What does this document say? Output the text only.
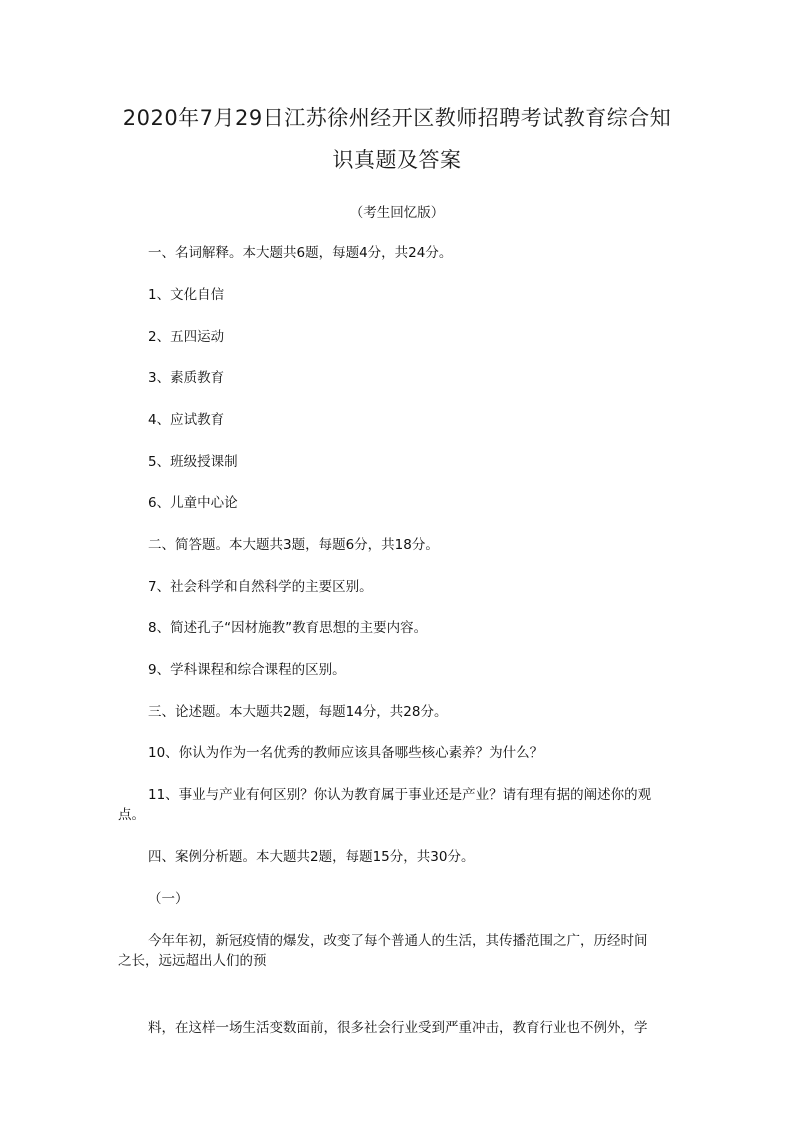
2020年7月29日江苏徐州经开区教师招聘考试教育综合知
识真题及答案
（考生回忆版）
一、名词解释。本大题共6题，每题4分，共24分。
1、文化自信
2、五四运动
3、素质教育
4、应试教育
5、班级授课制
6、儿童中心论
二、简答题。本大题共3题，每题6分，共18分。
7、社会科学和自然科学的主要区别。
8、简述孔子“因材施教”教育思想的主要内容。
9、学科课程和综合课程的区别。
三、论述题。本大题共2题，每题14分，共28分。
10、你认为作为一名优秀的教师应该具备哪些核心素养？为什么？
11、事业与产业有何区别？你认为教育属于事业还是产业？请有理有据的阐述你的观
点。
四、案例分析题。本大题共2题，每题15分，共30分。
（一）
今年年初，新冠疫情的爆发，改变了每个普通人的生活，其传播范围之广，历经时间
之长，远远超出人们的预
料，在这样一场生活变数面前，很多社会行业受到严重冲击，教育行业也不例外，学
